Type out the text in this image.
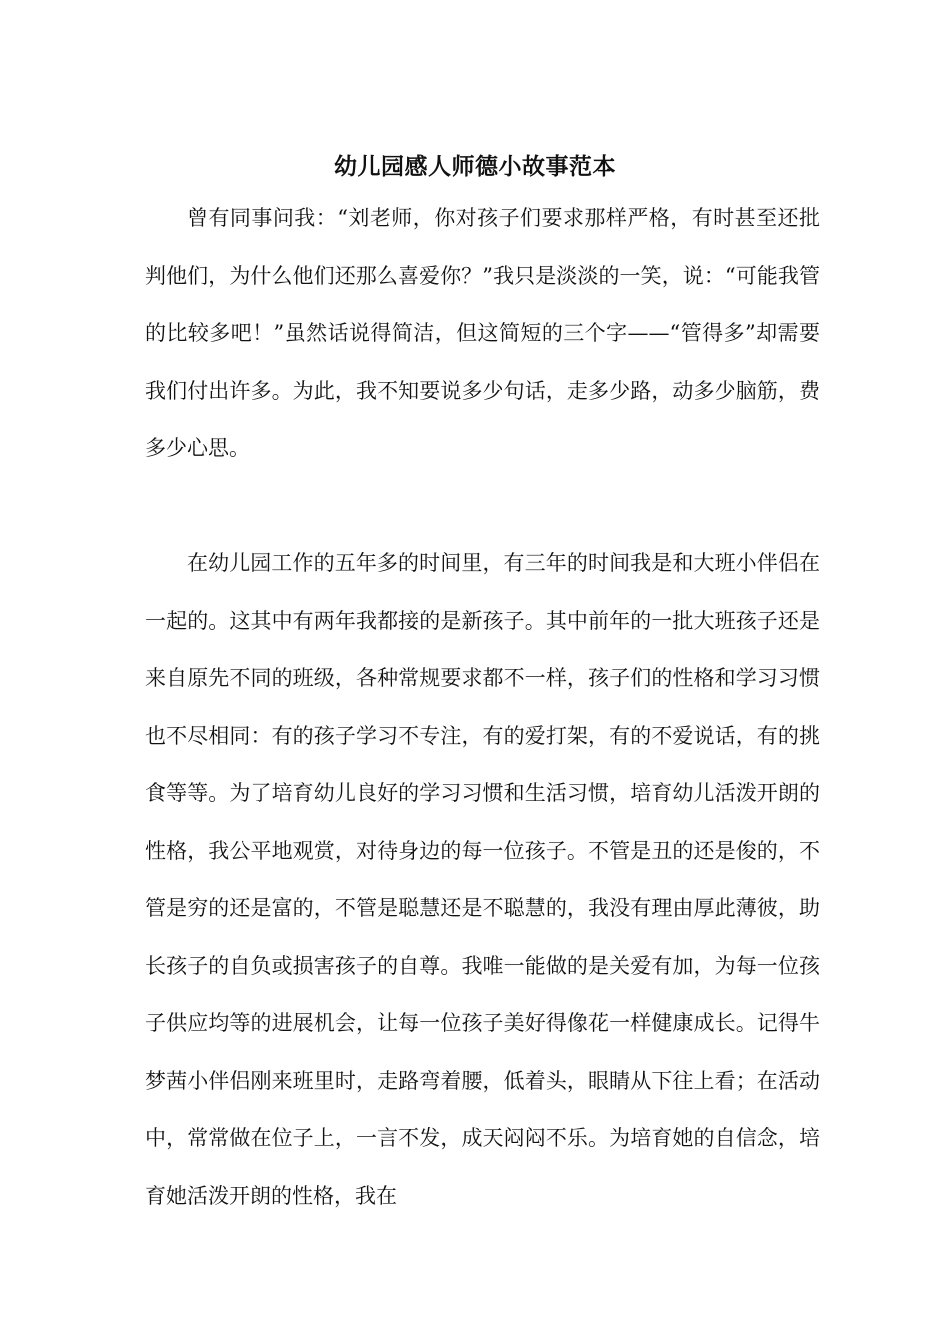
幼儿园感人师德小故事范本

曾有同事问我：“刘老师，你对孩子们要求那样严格，有时甚至还批判他们，为什么他们还那么喜爱你？”我只是淡淡的一笑，说：“可能我管的比较多吧！”虽然话说得简洁，但这简短的三个字——“管得多”却需要我们付出许多。为此，我不知要说多少句话，走多少路，动多少脑筋，费多少心思。

在幼儿园工作的五年多的时间里，有三年的时间我是和大班小伴侣在一起的。这其中有两年我都接的是新孩子。其中前年的一批大班孩子还是来自原先不同的班级，各种常规要求都不一样，孩子们的性格和学习习惯也不尽相同：有的孩子学习不专注，有的爱打架，有的不爱说话，有的挑食等等。为了培育幼儿良好的学习习惯和生活习惯，培育幼儿活泼开朗的性格，我公平地观赏，对待身边的每一位孩子。不管是丑的还是俊的，不管是穷的还是富的，不管是聪慧还是不聪慧的，我没有理由厚此薄彼，助长孩子的自负或损害孩子的自尊。我唯一能做的是关爱有加，为每一位孩子供应均等的进展机会，让每一位孩子美好得像花一样健康成长。记得牛梦茜小伴侣刚来班里时，走路弯着腰，低着头，眼睛从下往上看；在活动中，常常做在位子上，一言不发，成天闷闷不乐。为培育她的自信念，培育她活泼开朗的性格，我在
